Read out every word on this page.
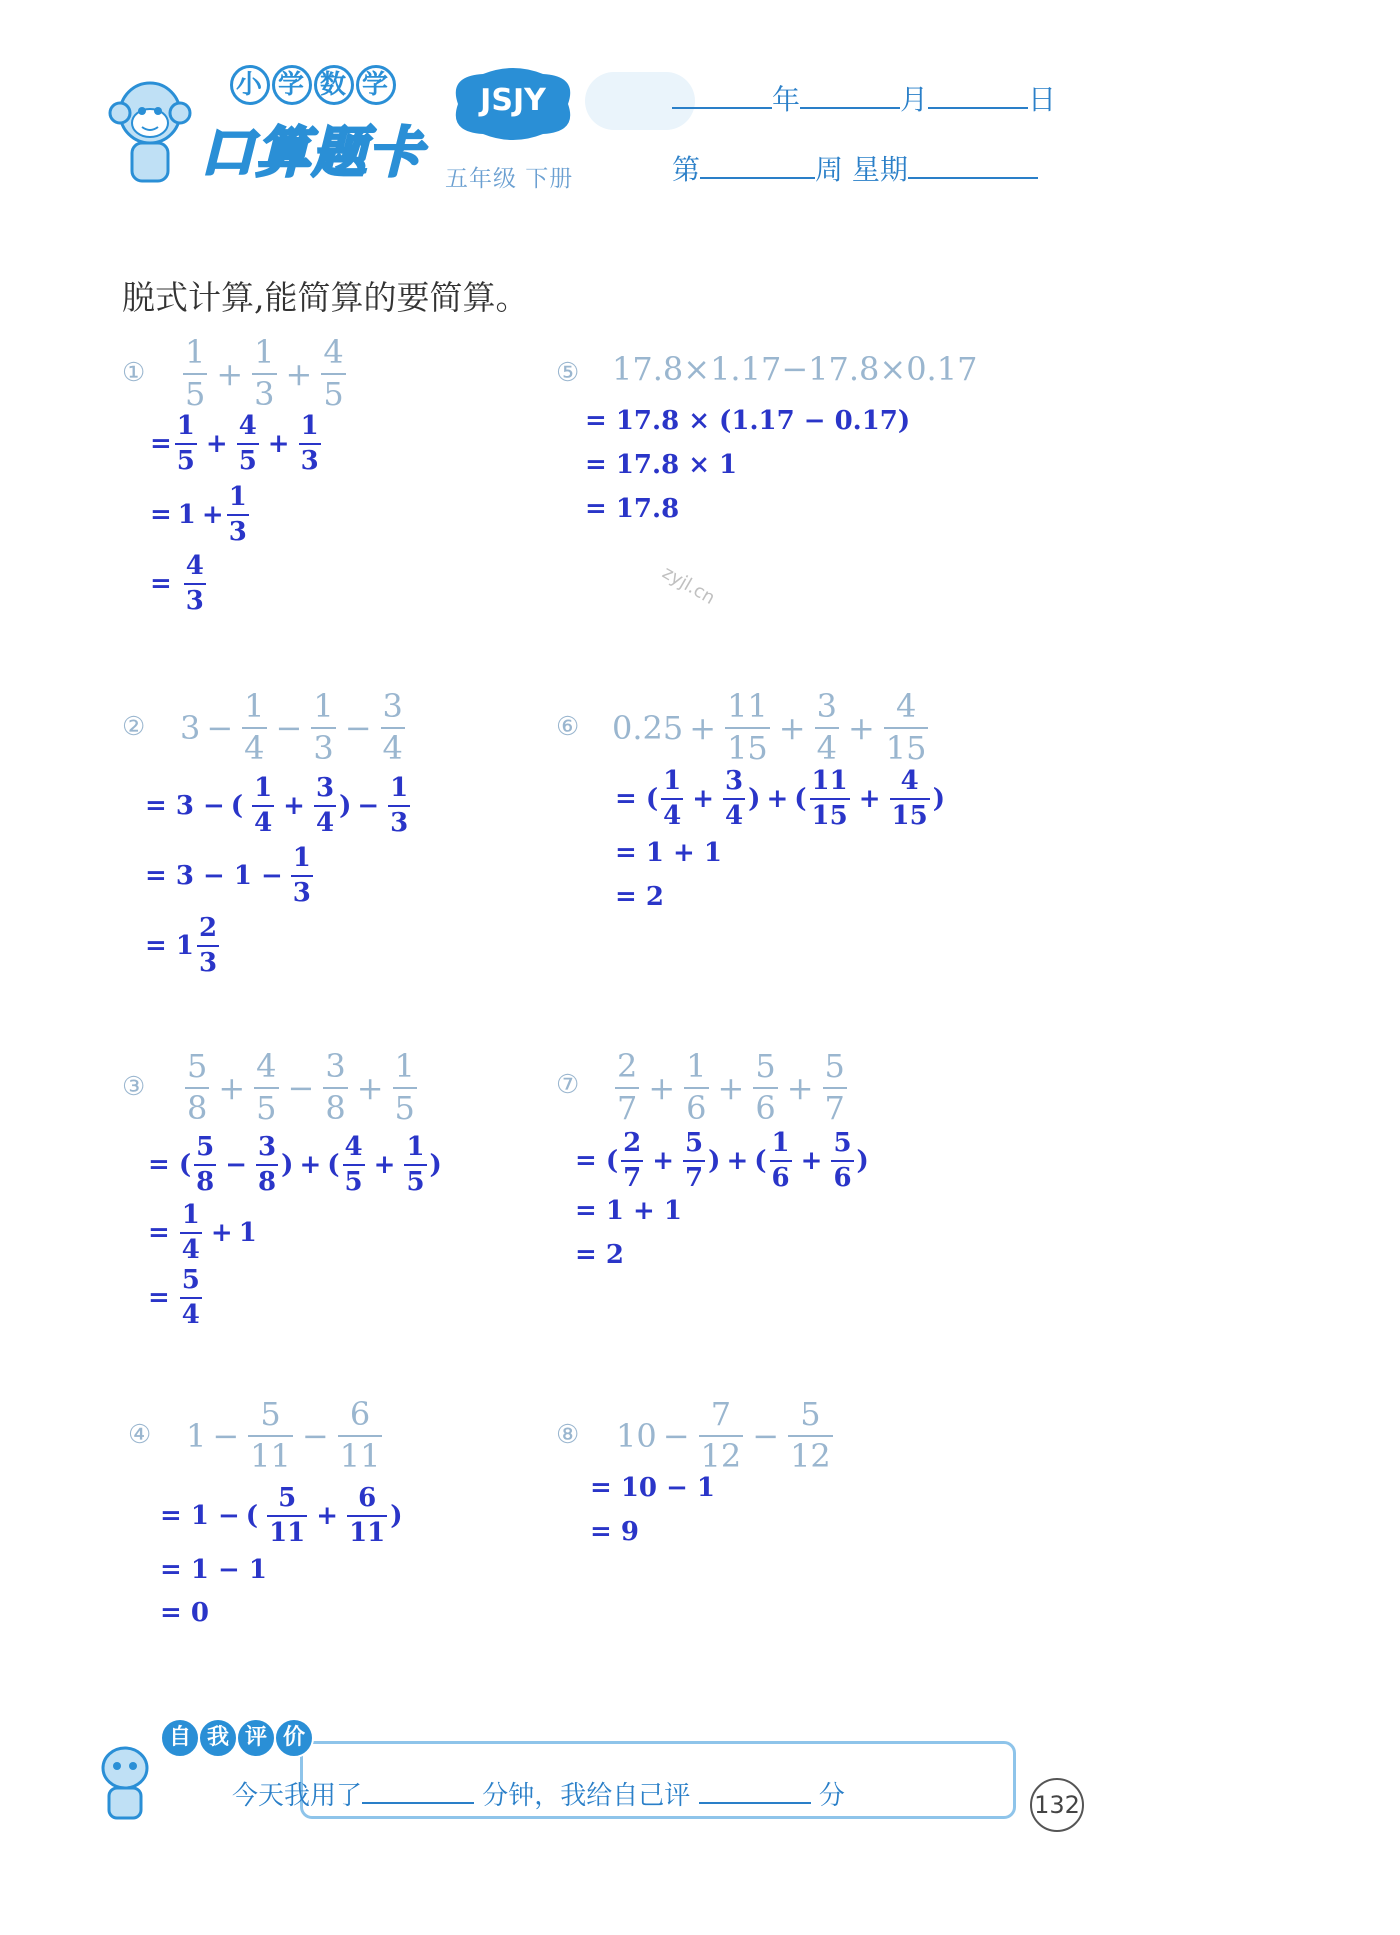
小 学 数 学
口算题卡
JSJY
五年级 下册
年	月	日
第	周 星期
脱式计算,能简算的要简算。
① $\frac{1}{5} + \frac{1}{3} + \frac{4}{5}$
= $\frac{1}{5} + \frac{4}{5} + \frac{1}{3}$
= $1 + \frac{1}{3}$
= $\frac{4}{3}$
② $3 - \frac{1}{4} - \frac{1}{3} - \frac{3}{4}$
= 3 − ( $\frac{1}{4} + \frac{3}{4}$ ) − $\frac{1}{3}$
= $3 - 1 - \frac{1}{3}$
= $1 \frac{2}{3}$
③ $\frac{5}{8} + \frac{4}{5} - \frac{3}{8} + \frac{1}{5}$
= ( $\frac{5}{8} - \frac{3}{8}$ ) + ( $\frac{4}{5} + \frac{1}{5}$ )
= $\frac{1}{4} + 1$
= $\frac{5}{4}$
④ $1 - \frac{5}{11} - \frac{6}{11}$
= 1 − ( $\frac{5}{11} + \frac{6}{11}$ )
= 1 − 1
= 0
⑤ 17.8×1.17−17.8×0.17
= 17.8 × (1.17 − 0.17)
= 17.8 × 1
= 17.8
⑥ $0.25 + \frac{11}{15} + \frac{3}{4} + \frac{4}{15}$
= ( $\frac{1}{4} + \frac{3}{4}$ ) + ( $\frac{11}{15} + \frac{4}{15}$ )
= 1 + 1
= 2
⑦ $\frac{2}{7} + \frac{1}{6} + \frac{5}{6} + \frac{5}{7}$
= ( $\frac{2}{7} + \frac{5}{7}$ ) + ( $\frac{1}{6} + \frac{5}{6}$ )
= 1 + 1
= 2
⑧ $10 - \frac{7}{12} - \frac{5}{12}$
= 10 − 1
= 9
zyjl.cn
自 我 评 价
今天我用了	分钟，我给自己评	分	132
